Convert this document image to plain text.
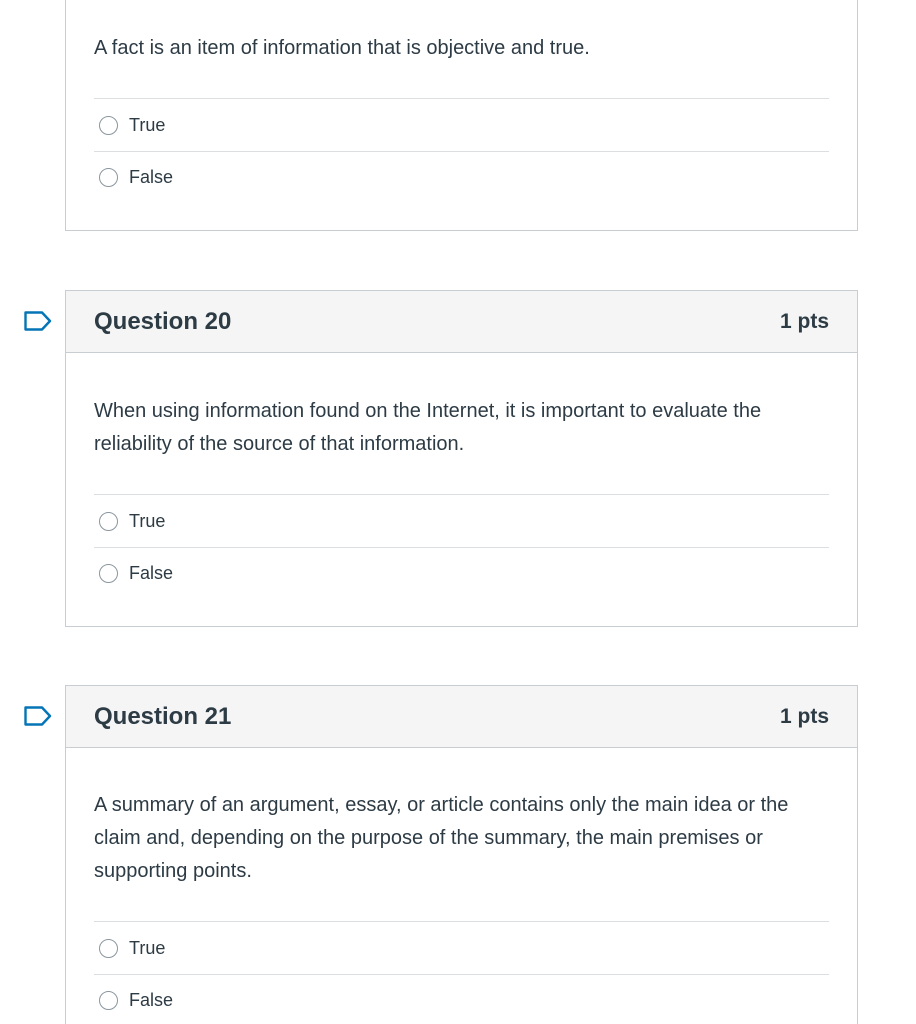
A fact is an item of information that is objective and true.
True
False
Question 20	1 pts
When using information found on the Internet, it is important to evaluate the reliability of the source of that information.
True
False
Question 21	1 pts
A summary of an argument, essay, or article contains only the main idea or the claim and, depending on the purpose of the summary, the main premises or supporting points.
True
False
